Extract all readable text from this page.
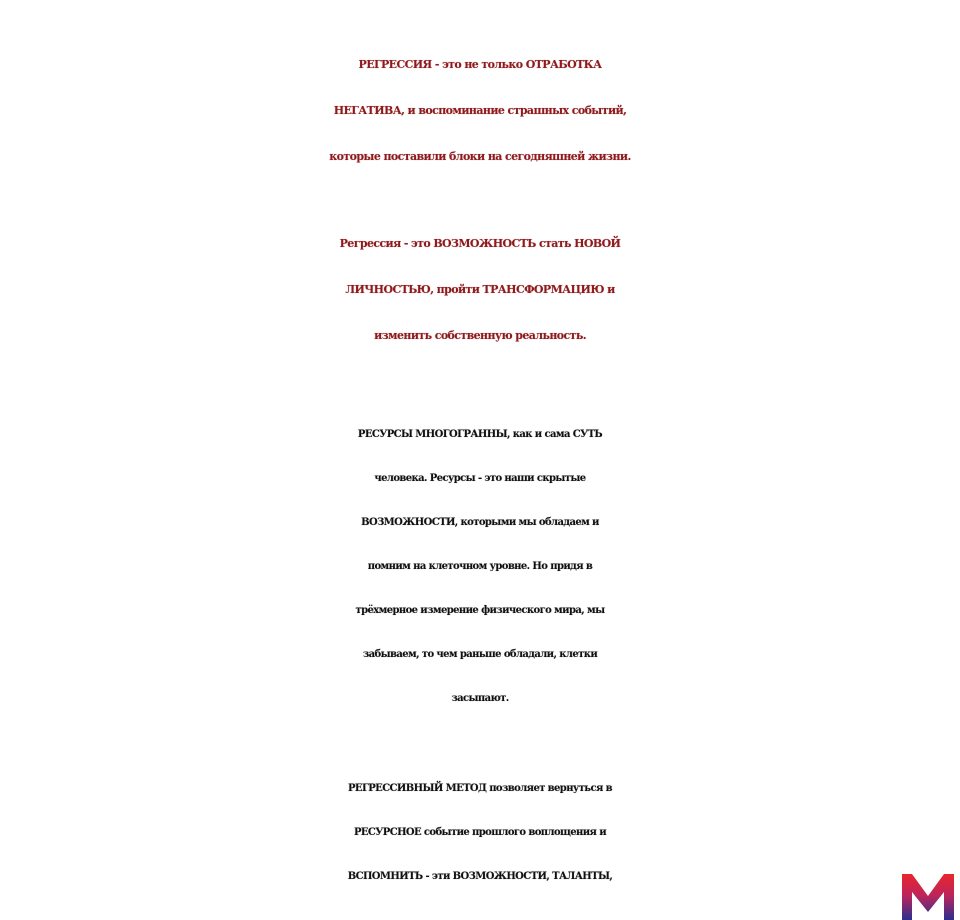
РЕГРЕССИЯ - это не только ОТРАБОТКА
НЕГАТИВА, и воспоминание страшных событий,
которые поставили блоки на сегодняшней жизни.
Регрессия - это ВОЗМОЖНОСТЬ стать НОВОЙ
ЛИЧНОСТЬЮ, пройти ТРАНСФОРМАЦИЮ и
изменить собственную реальность.
РЕСУРСЫ МНОГОГРАННЫ, как и сама СУТЬ
человека. Ресурсы - это наши скрытые
ВОЗМОЖНОСТИ, которыми мы обладаем и
помним на клеточном уровне. Но придя в
трёхмерное измерение физического мира, мы
забываем, то чем раньше обладали, клетки
засыпают.
РЕГРЕССИВНЫЙ МЕТОД позволяет вернуться в
РЕСУРСНОЕ событие прошлого воплощения и
ВСПОМНИТЬ - эти ВОЗМОЖНОСТИ, ТАЛАНТЫ,
